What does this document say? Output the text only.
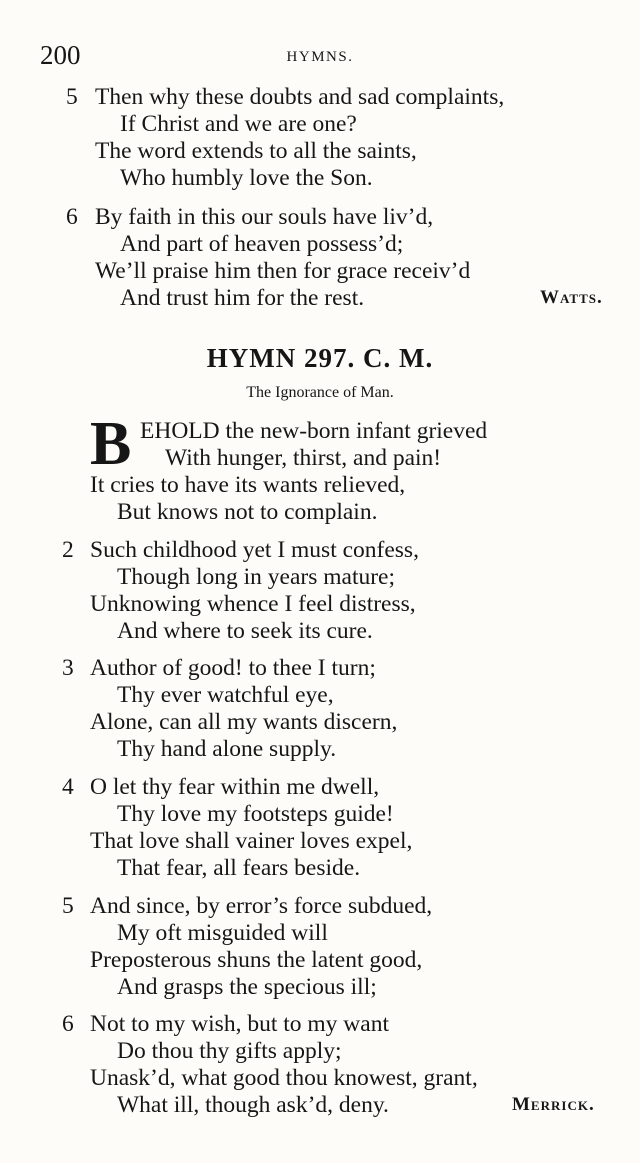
200	HYMNS.
5 Then why these doubts and sad complaints,
If Christ and we are one?
The word extends to all the saints,
Who humbly love the Son.
6 By faith in this our souls have liv’d,
And part of heaven possess’d;
We’ll praise him then for grace receiv’d
And trust him for the rest.	Watts.
HYMN 297. C. M.
The Ignorance of Man.
B EHOLD the new-born infant grieved
With hunger, thirst, and pain!
It cries to have its wants relieved,
But knows not to complain.
2 Such childhood yet I must confess,
Though long in years mature;
Unknowing whence I feel distress,
And where to seek its cure.
3 Author of good! to thee I turn;
Thy ever watchful eye,
Alone, can all my wants discern,
Thy hand alone supply.
4 O let thy fear within me dwell,
Thy love my footsteps guide!
That love shall vainer loves expel,
That fear, all fears beside.
5 And since, by error’s force subdued,
My oft misguided will
Preposterous shuns the latent good,
And grasps the specious ill;
6 Not to my wish, but to my want
Do thou thy gifts apply;
Unask’d, what good thou knowest, grant,
What ill, though ask’d, deny.	Merrick.
